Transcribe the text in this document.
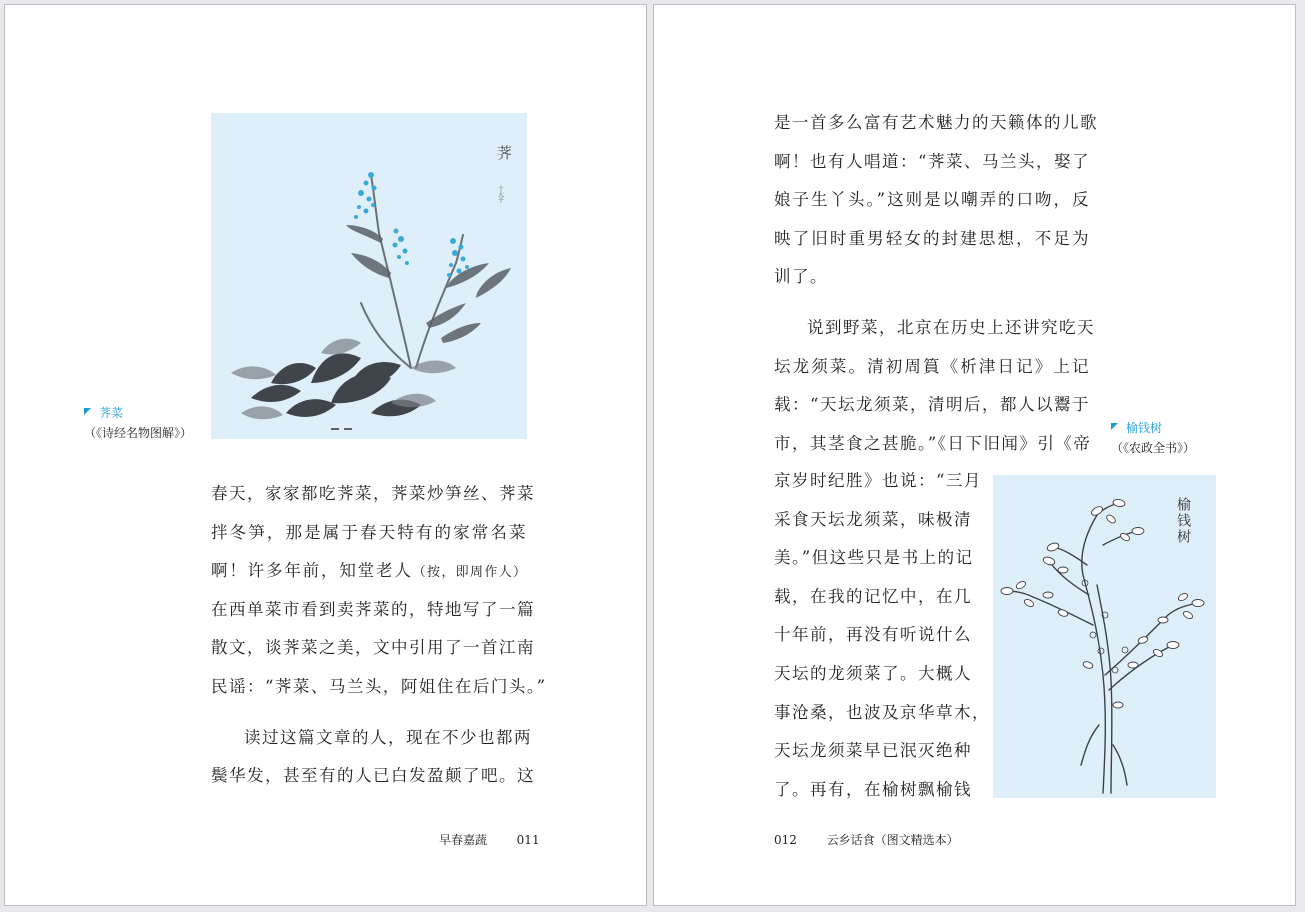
荠
十大千
荠菜
（《诗经名物图解》）
春天，家家都吃荠菜，荠菜炒笋丝、荠菜
拌冬笋，那是属于春天特有的家常名菜
啊！许多年前，知堂老人（按，即周作人）
在西单菜市看到卖荠菜的，特地写了一篇
散文，谈荠菜之美，文中引用了一首江南
民谣：“荠菜、马兰头，阿姐住在后门头。”
读过这篇文章的人，现在不少也都两
鬓华发，甚至有的人已白发盈颠了吧。这
早春嘉蔬 011
是一首多么富有艺术魅力的天籁体的儿歌
啊！也有人唱道：“荠菜、马兰头，娶了
娘子生丫头。”这则是以嘲弄的口吻，反
映了旧时重男轻女的封建思想，不足为
训了。
说到野菜，北京在历史上还讲究吃天
坛龙须菜。清初周篔《析津日记》上记
载：“天坛龙须菜，清明后，都人以鬻于
市，其茎食之甚脆。”《日下旧闻》引《帝
京岁时纪胜》也说：“三月
采食天坛龙须菜，味极清
美。”但这些只是书上的记
载，在我的记忆中，在几
十年前，再没有听说什么
天坛的龙须菜了。大概人
事沧桑，也波及京华草木，
天坛龙须菜早已泯灭绝种
了。再有，在榆树飘榆钱
榆钱树
（《农政全书》）
榆钱树
012 云乡话食（图文精选本）
